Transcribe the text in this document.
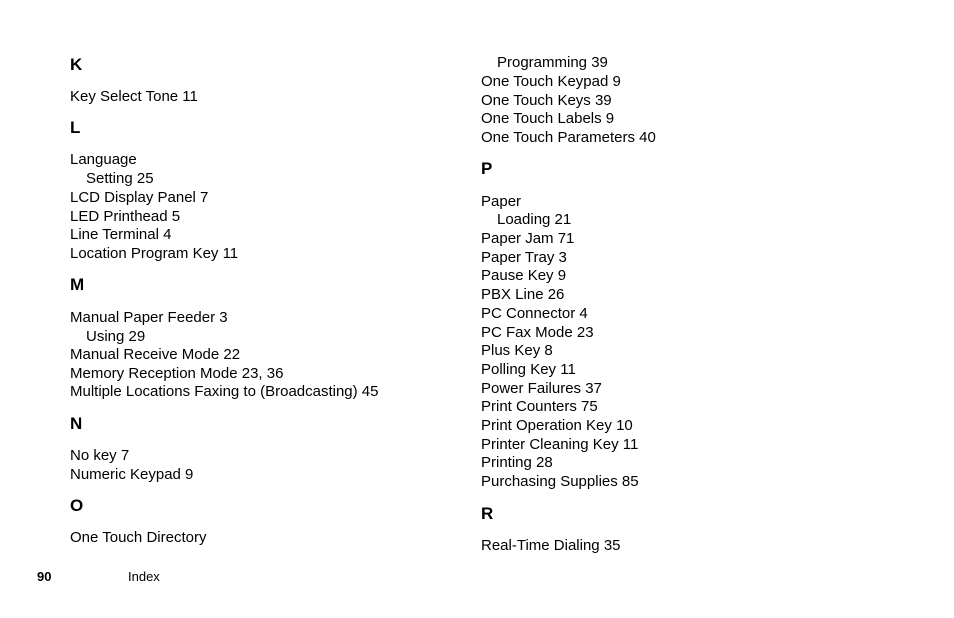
K
Key Select Tone 11
L
Language
Setting 25
LCD Display Panel 7
LED Printhead 5
Line Terminal 4
Location Program Key 11
M
Manual Paper Feeder 3
Using 29
Manual Receive Mode 22
Memory Reception Mode 23, 36
Multiple Locations Faxing to (Broadcasting) 45
N
No key 7
Numeric Keypad 9
O
One Touch Directory
Programming 39
One Touch Keypad 9
One Touch Keys 39
One Touch Labels 9
One Touch Parameters 40
P
Paper
Loading 21
Paper Jam 71
Paper Tray 3
Pause Key 9
PBX Line 26
PC Connector 4
PC Fax Mode 23
Plus Key 8
Polling Key 11
Power Failures 37
Print Counters 75
Print Operation Key 10
Printer Cleaning Key 11
Printing 28
Purchasing Supplies 85
R
Real-Time Dialing 35
90	Index
